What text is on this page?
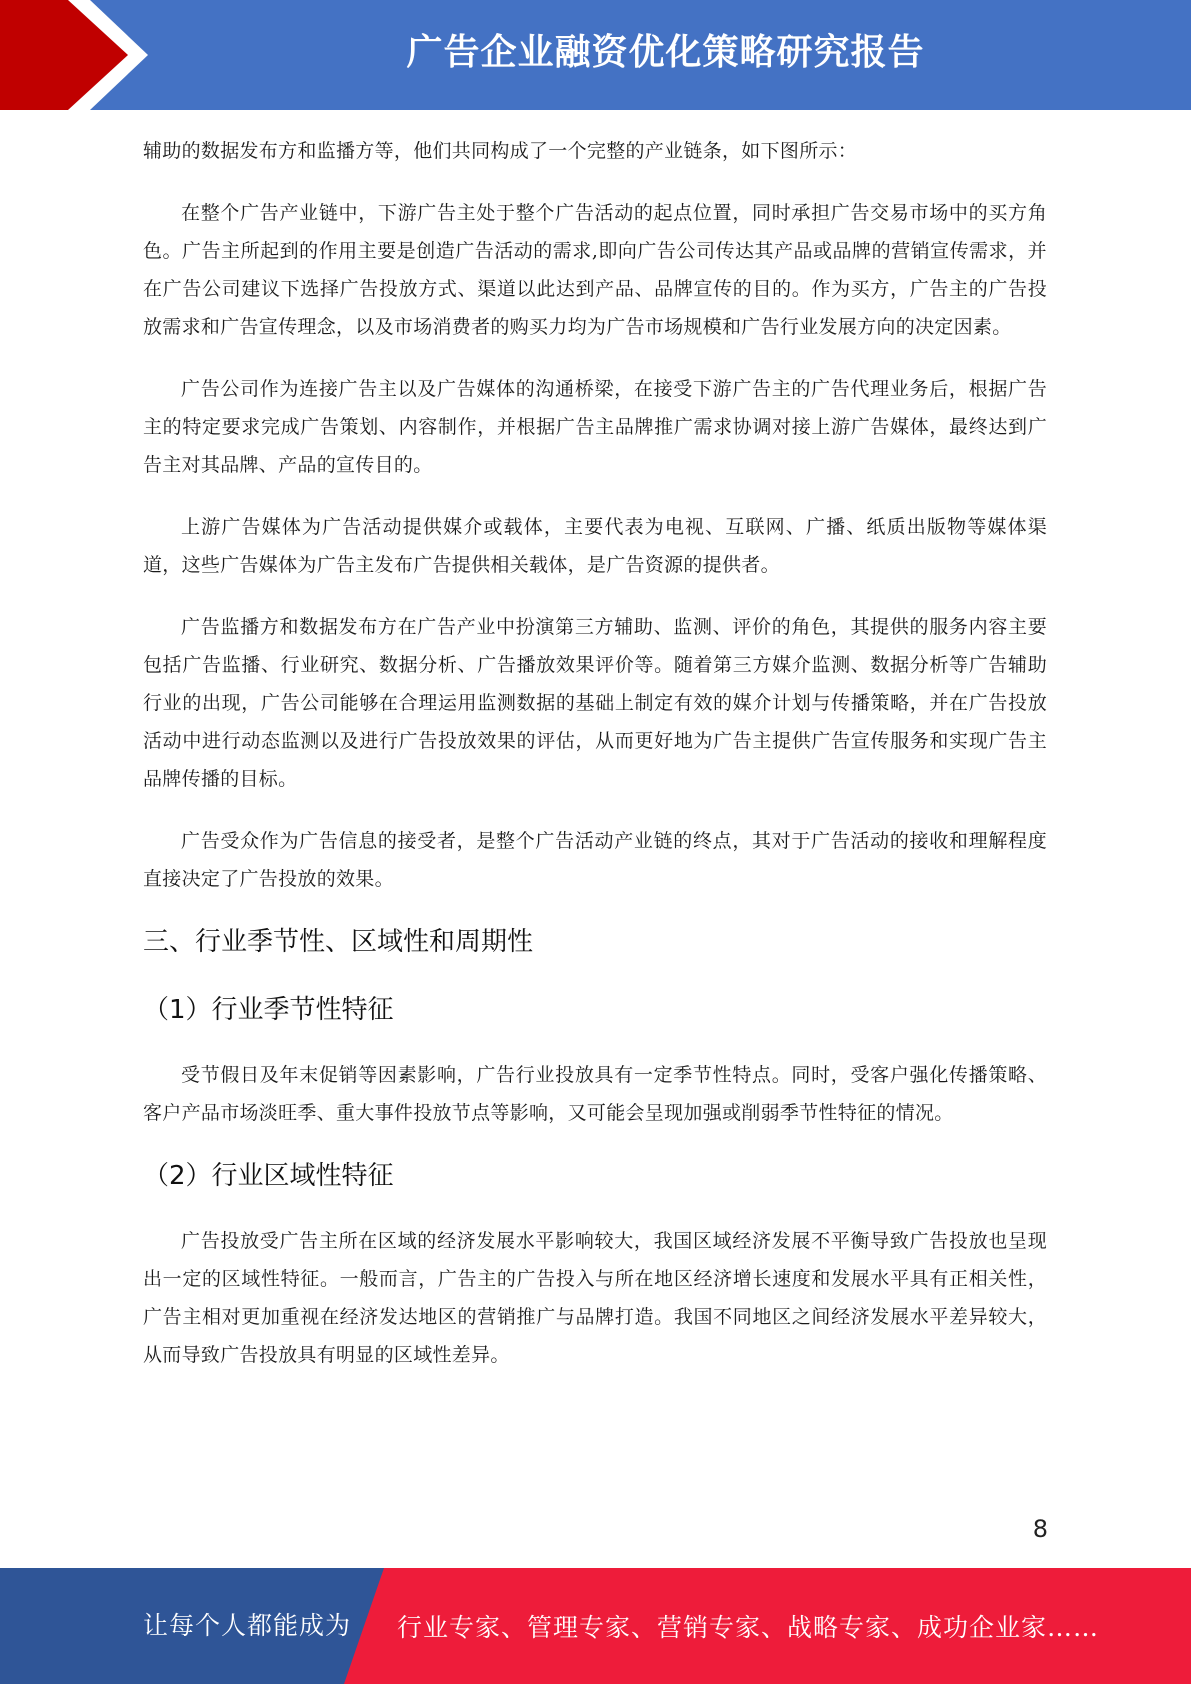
广告企业融资优化策略研究报告

辅助的数据发布方和监播方等，他们共同构成了一个完整的产业链条，如下图所示：

在整个广告产业链中，下游广告主处于整个广告活动的起点位置，同时承担广告交易市场中的买方角色。广告主所起到的作用主要是创造广告活动的需求,即向广告公司传达其产品或品牌的营销宣传需求，并在广告公司建议下选择广告投放方式、渠道以此达到产品、品牌宣传的目的。作为买方，广告主的广告投放需求和广告宣传理念，以及市场消费者的购买力均为广告市场规模和广告行业发展方向的决定因素。

广告公司作为连接广告主以及广告媒体的沟通桥梁，在接受下游广告主的广告代理业务后，根据广告主的特定要求完成广告策划、内容制作，并根据广告主品牌推广需求协调对接上游广告媒体，最终达到广告主对其品牌、产品的宣传目的。

上游广告媒体为广告活动提供媒介或载体，主要代表为电视、互联网、广播、纸质出版物等媒体渠道，这些广告媒体为广告主发布广告提供相关载体，是广告资源的提供者。

广告监播方和数据发布方在广告产业中扮演第三方辅助、监测、评价的角色，其提供的服务内容主要包括广告监播、行业研究、数据分析、广告播放效果评价等。随着第三方媒介监测、数据分析等广告辅助行业的出现，广告公司能够在合理运用监测数据的基础上制定有效的媒介计划与传播策略，并在广告投放活动中进行动态监测以及进行广告投放效果的评估，从而更好地为广告主提供广告宣传服务和实现广告主品牌传播的目标。

广告受众作为广告信息的接受者，是整个广告活动产业链的终点，其对于广告活动的接收和理解程度直接决定了广告投放的效果。

三、行业季节性、区域性和周期性
（1）行业季节性特征

受节假日及年末促销等因素影响，广告行业投放具有一定季节性特点。同时，受客户强化传播策略、客户产品市场淡旺季、重大事件投放节点等影响，又可能会呈现加强或削弱季节性特征的情况。

（2）行业区域性特征

广告投放受广告主所在区域的经济发展水平影响较大，我国区域经济发展不平衡导致广告投放也呈现出一定的区域性特征。一般而言，广告主的广告投入与所在地区经济增长速度和发展水平具有正相关性，广告主相对更加重视在经济发达地区的营销推广与品牌打造。我国不同地区之间经济发展水平差异较大，从而导致广告投放具有明显的区域性差异。

8
让每个人都能成为 行业专家、管理专家、营销专家、战略专家、成功企业家……
